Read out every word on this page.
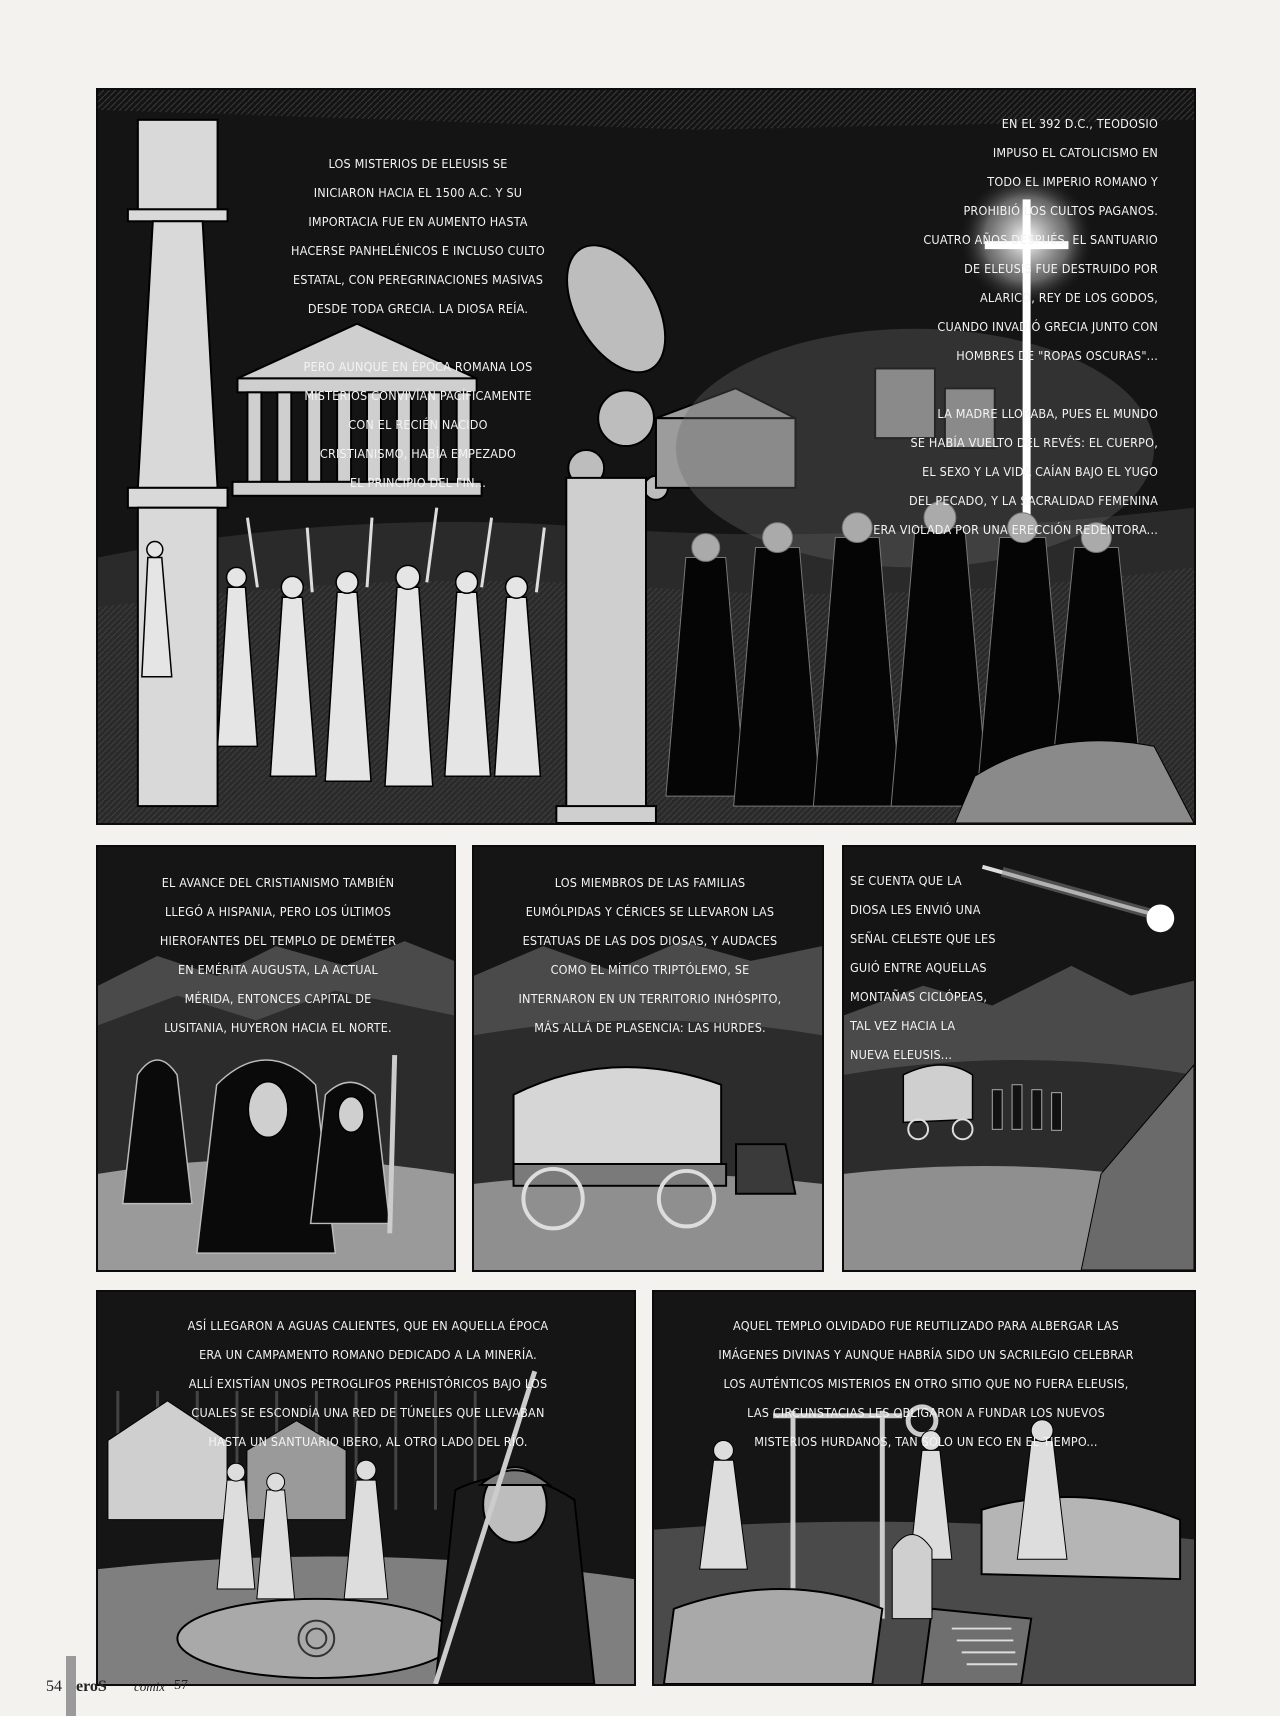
LOS MISTERIOS DE ELEUSIS SE

INICIARON HACIA EL 1500 A.C. Y SU

IMPORTACIA FUE EN AUMENTO HASTA

HACERSE PANHELÉNICOS E INCLUSO CULTO

ESTATAL, CON PEREGRINACIONES MASIVAS

DESDE TODA GRECIA. LA DIOSA REÍA.

PERO AUNQUE EN ÉPOCA ROMANA LOS

MISTERIOS CONVIVÍAN PACÍFICAMENTE

CON EL RECIÉN NACIDO

CRISTIANISMO, HABÍA EMPEZADO

EL PRINCIPIO DEL FIN...

EN EL 392 D.C., TEODOSIO

IMPUSO EL CATOLICISMO EN

TODO EL IMPERIO ROMANO Y

PROHIBIÓ LOS CULTOS PAGANOS.

CUATRO AÑOS DESPUÉS, EL SANTUARIO

DE ELEUSIS FUE DESTRUIDO POR

ALARICO, REY DE LOS GODOS,

CUANDO INVADIÓ GRECIA JUNTO CON

HOMBRES DE "ROPAS OSCURAS"...

LA MADRE LLORABA, PUES EL MUNDO

SE HABÍA VUELTO DEL REVÉS: EL CUERPO,

EL SEXO Y LA VIDA CAÍAN BAJO EL YUGO

DEL PECADO, Y LA SACRALIDAD FEMENINA

ERA VIOLADA POR UNA ERECCIÓN REDENTORA...

EL AVANCE DEL CRISTIANISMO TAMBIÉN

LLEGÓ A HISPANIA, PERO LOS ÚLTIMOS

HIEROFANTES DEL TEMPLO DE DEMÉTER

EN EMÉRITA AUGUSTA, LA ACTUAL

MÉRIDA, ENTONCES CAPITAL DE

LUSITANIA, HUYERON HACIA EL NORTE.

LOS MIEMBROS DE LAS FAMILIAS

EUMÓLPIDAS Y CÉRICES SE LLEVARON LAS

ESTATUAS DE LAS DOS DIOSAS, Y AUDACES

COMO EL MÍTICO TRIPTÓLEMO, SE

INTERNARON EN UN TERRITORIO INHÓSPITO,

MÁS ALLÁ DE PLASENCIA: LAS HURDES.

SE CUENTA QUE LA

DIOSA LES ENVIÓ UNA

SEÑAL CELESTE QUE LES

GUIÓ ENTRE AQUELLAS

MONTAÑAS CICLÓPEAS,

TAL VEZ HACIA LA

NUEVA ELEUSIS...

ASÍ LLEGARON A AGUAS CALIENTES, QUE EN AQUELLA ÉPOCA

ERA UN CAMPAMENTO ROMANO DEDICADO A LA MINERÍA.

ALLÍ EXISTÍAN UNOS PETROGLIFOS PREHISTÓRICOS BAJO LOS

CUALES SE ESCONDÍA UNA RED DE TÚNELES QUE LLEVABAN

HASTA UN SANTUARIO IBERO, AL OTRO LADO DEL RÍO.

AQUEL TEMPLO OLVIDADO FUE REUTILIZADO PARA ALBERGAR LAS

IMÁGENES DIVINAS Y AUNQUE HABRÍA SIDO UN SACRILEGIO CELEBRAR

LOS AUTÉNTICOS MISTERIOS EN OTRO SITIO QUE NO FUERA ELEUSIS,

LAS CIRCUNSTACIAS LES OBLIGARON A FUNDAR LOS NUEVOS

MISTERIOS HURDANOS, TAN SÓLO UN ECO EN EL TIEMPO...

54 eroS comix 57
